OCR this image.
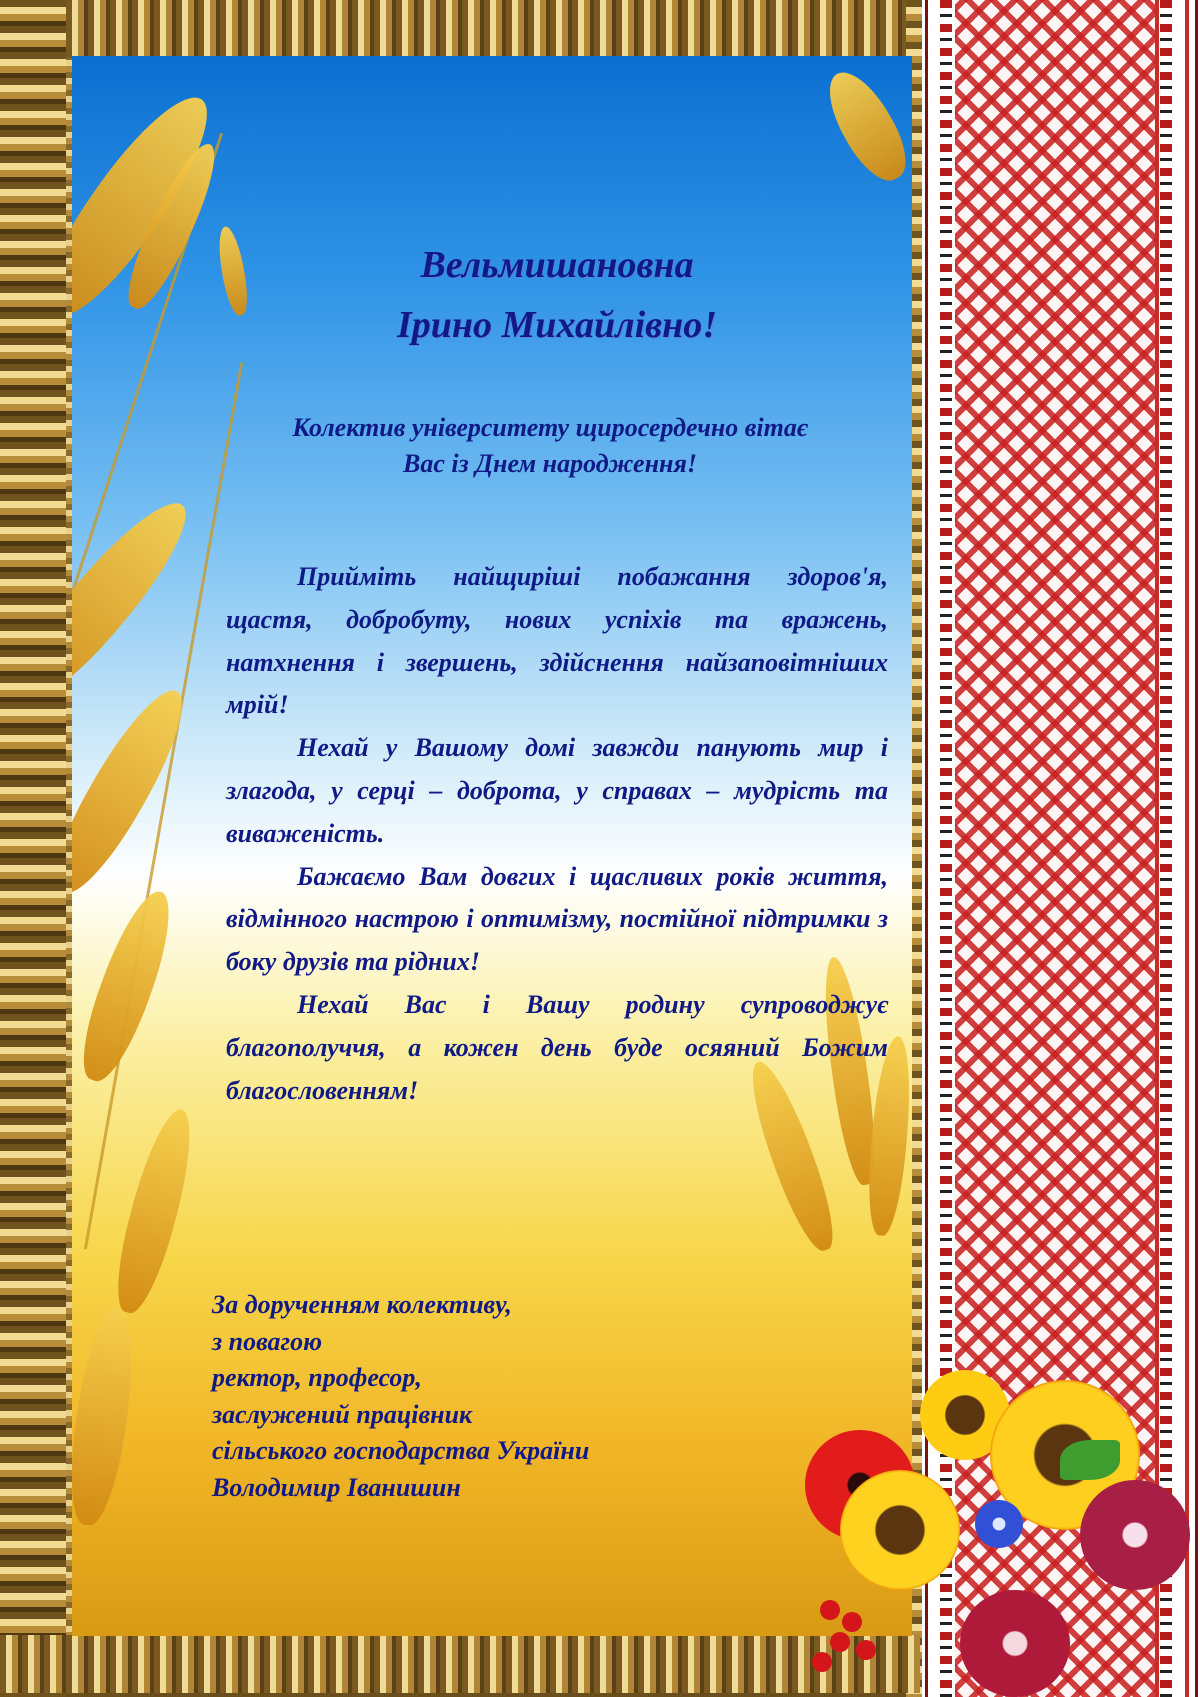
Вельмишановна
Ірино Михайлівно!
Колектив університету щиросердечно вітає
Вас із Днем народження!

Прийміть найщиріші побажання здоров'я, щастя, добробуту, нових успіхів та вражень, натхнення і звершень, здійснення найзаповітніших мрій!

Нехай у Вашому домі завжди панують мир і злагода, у серці – доброта, у справах – мудрість та виваженість.

Бажаємо Вам довгих і щасливих років життя, відмінного настрою і оптимізму, постійної підтримки з боку друзів та рідних!

Нехай Вас і Вашу родину супроводжує благополуччя, а кожен день буде осяяний Божим благословенням!

За дорученням колективу,
з повагою
ректор, професор,
заслужений працівник
сільського господарства України
Володимир Іванишин
